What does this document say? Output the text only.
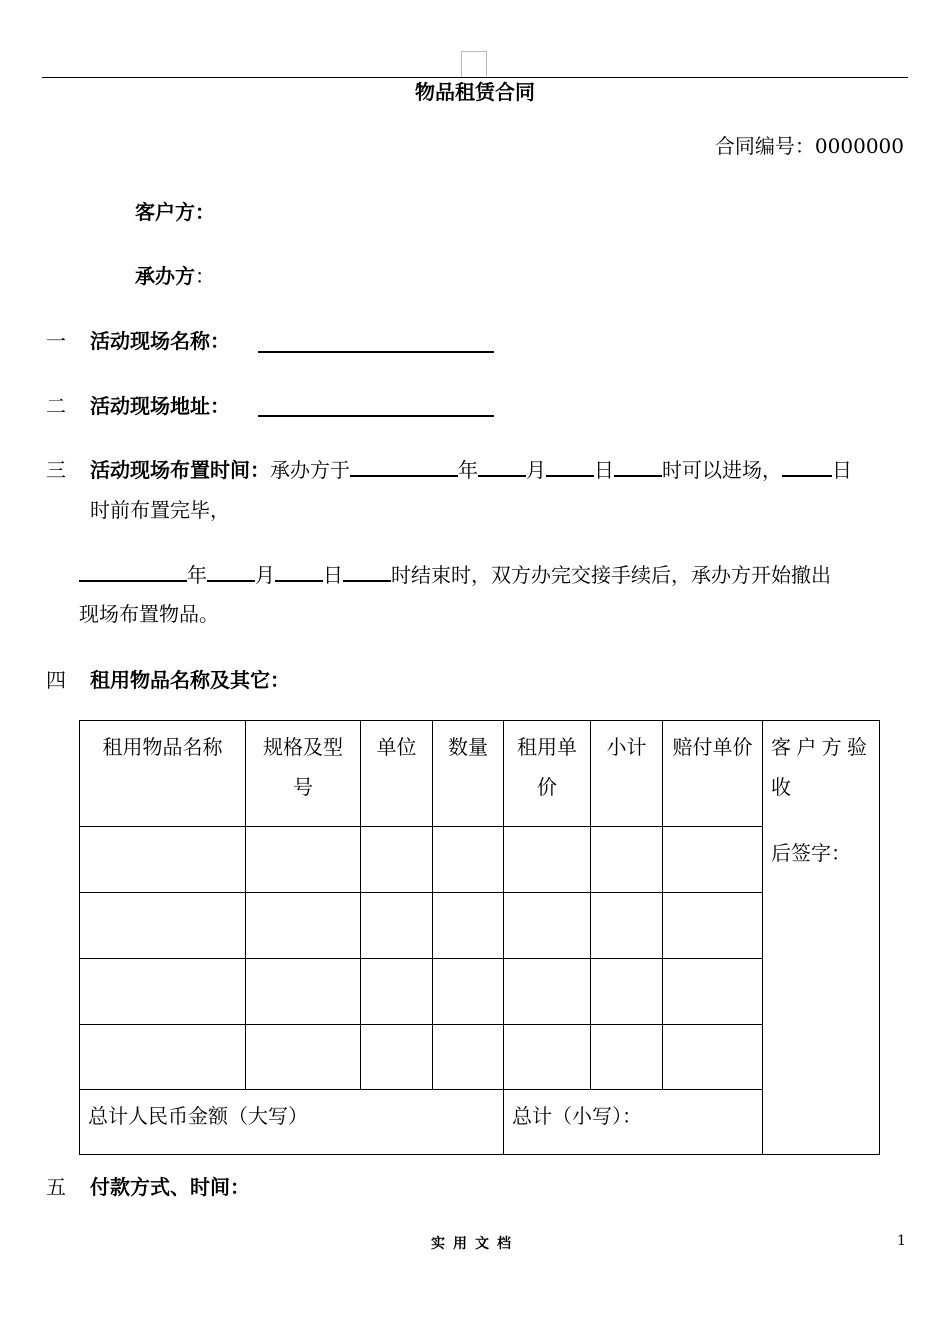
物品租赁合同
合同编号：0000000
客户方：
承办方：
一 活动现场名称：
二 活动现场地址：
三 活动现场布置时间：承办方于	年 月 日 时可以进场，	日
时前布置完毕，
年 月 日 时结束时，双方办完交接手续后，承办方开始撤出
现场布置物品。
四 租用物品名称及其它：
租用物品名称	规格及型号	单位	数量	租用单价	小计	赔付单价	客户方验收
后签字：

总计人民币金额（大写）				总计（小写）：			
五 付款方式、时间：
实用文档	1
